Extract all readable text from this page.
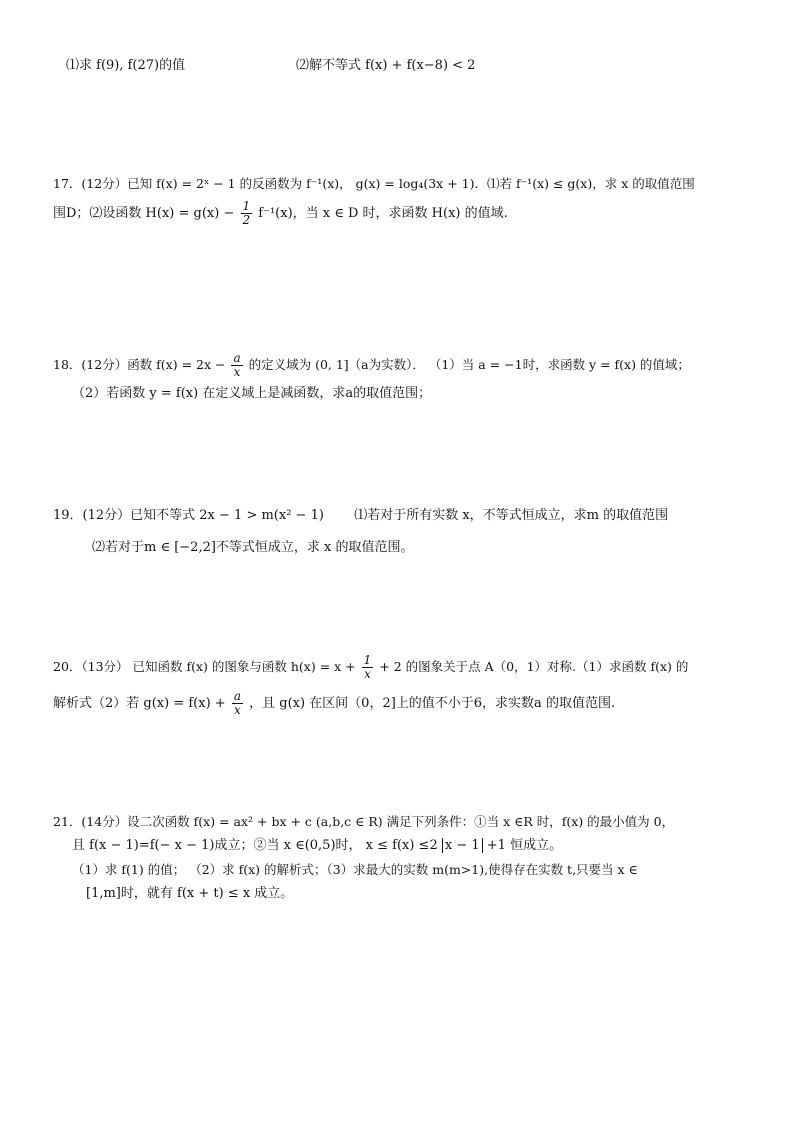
⑴求 f(9), f(27)的值	⑵解不等式 f(x) + f(x−8) < 2
17．(12分）已知 f(x) = 2ˣ − 1 的反函数为 f⁻¹(x)， g(x) = log₄(3x + 1)．⑴若 f⁻¹(x) ≤ g(x)，求 x 的取值范围
围D；⑵设函数 $H(x) = g(x) - \frac{1}{2} f^{-1}(x)$，当 x ∈ D 时，求函数 H(x) 的值域.
18．(12分）函数 $f(x) = 2x - \frac{a}{x}$ 的定义域为 (0, 1]（a为实数）． （1）当 a = −1时，求函数 y = f(x) 的值域；
（2）若函数 y = f(x) 在定义域上是减函数，求a的取值范围；
19．(12分）已知不等式 2x − 1 > m(x² − 1) ⑴若对于所有实数 x，不等式恒成立，求m 的取值范围
⑵若对于m ∈ [−2,2]不等式恒成立，求 x 的取值范围。
20．（13分） 已知函数 f(x) 的图象与函数 $h(x) = x + \frac{1}{x} + 2$ 的图象关于点 A（0，1）对称.（1）求函数 f(x) 的
解析式（2）若 $g(x) = f(x) + \frac{a}{x}$ ，且 g(x) 在区间（0，2]上的值不小于6，求实数a 的取值范围.
21．(14分）设二次函数 f(x) = ax² + bx + c (a,b,c ∈ R) 满足下列条件：①当 x ∈R 时，f(x) 的最小值为 0，
且 f(x − 1)=f(− x − 1)成立；②当 x ∈(0,5)时， x ≤ f(x) ≤2 x − 1 +1 恒成立。
（1）求 f(1) 的值； （2）求 f(x) 的解析式；（3）求最大的实数 m(m>1),使得存在实数 t,只要当 x ∈
[1,m]时，就有 f(x + t) ≤ x 成立。
